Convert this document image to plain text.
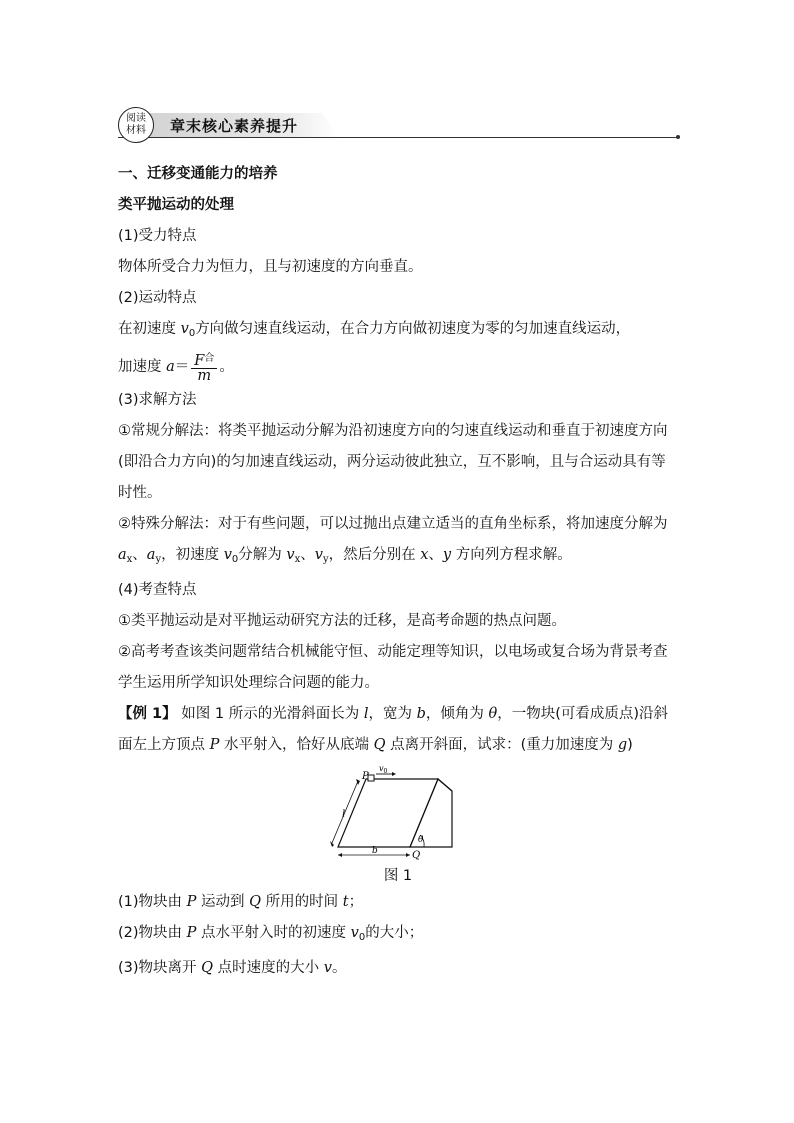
阅读
材料 章末核心素养提升
一、迁移变通能力的培养
类平抛运动的处理
(1)受力特点
物体所受合力为恒力，且与初速度的方向垂直。
(2)运动特点
在初速度 $v_0$方向做匀速直线运动，在合力方向做初速度为零的匀加速直线运动，
加速度 $a= \frac{F^合}{m}$ 。
(3)求解方法
①常规分解法：将类平抛运动分解为沿初速度方向的匀速直线运动和垂直于初速度方向(即沿合力方向)的匀加速直线运动，两分运动彼此独立，互不影响，且与合运动具有等时性。
②特殊分解法：对于有些问题，可以过抛出点建立适当的直角坐标系，将加速度分解为 $a_x$、$a_y$，初速度 $v_0$分解为 $v_x$、$v_y$，然后分别在 x、y 方向列方程求解。
(4)考查特点
①类平抛运动是对平抛运动研究方法的迁移，是高考命题的热点问题。
②高考考查该类问题常结合机械能守恒、动能定理等知识，以电场或复合场为背景考查学生运用所学知识处理综合问题的能力。
【例 1】 如图 1 所示的光滑斜面长为 l，宽为 b，倾角为 θ，一物块(可看成质点)沿斜面左上方顶点 P 水平射入，恰好从底端 Q 点离开斜面，试求：(重力加速度为 g)
P
$v_0$
l
b
θ
Q
图 1
(1)物块由 P 运动到 Q 所用的时间 t；
(2)物块由 P 点水平射入时的初速度 $v_0$的大小；
(3)物块离开 Q 点时速度的大小 v。
